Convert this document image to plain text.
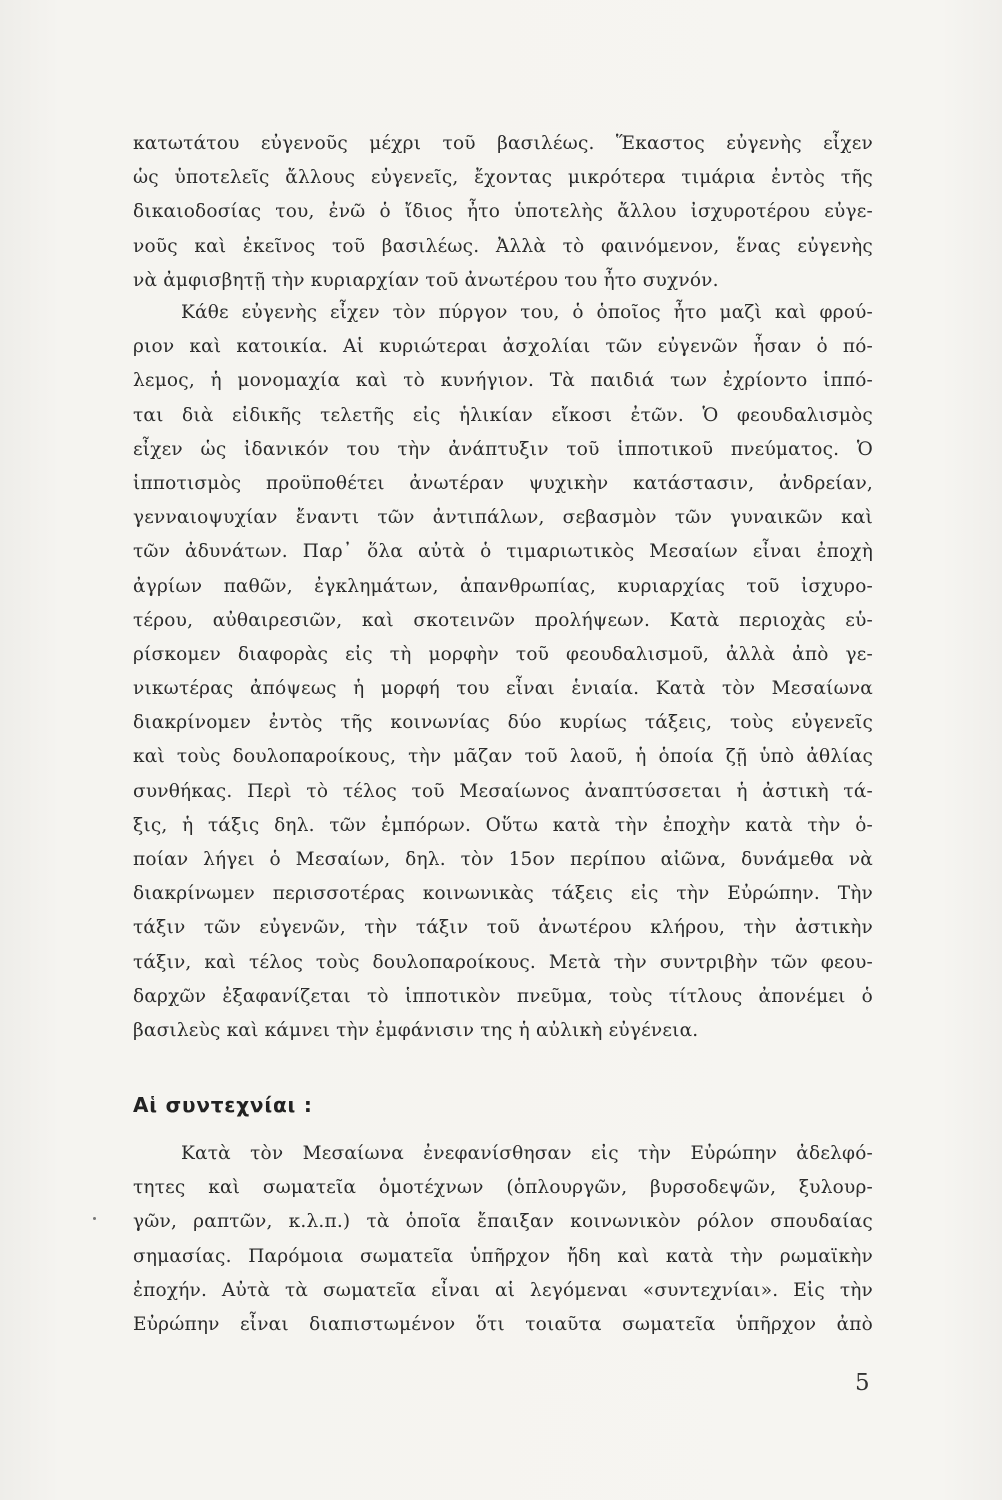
κατωτάτου εὐγενοῦς μέχρι τοῦ βασιλέως. Ἕκαστος εὐγενὴς εἶχεν
ὡς ὑποτελεῖς ἄλλους εὐγενεῖς, ἔχοντας μικρότερα τιμάρια ἐντὸς τῆς
δικαιοδοσίας του, ἐνῶ ὁ ἴδιος ἦτο ὑποτελὴς ἄλλου ἰσχυροτέρου εὐγε-
νοῦς καὶ ἐκεῖνος τοῦ βασιλέως. Ἀλλὰ τὸ φαινόμενον, ἕνας εὐγενὴς
νὰ ἀμφισβητῇ τὴν κυριαρχίαν τοῦ ἀνωτέρου του ἦτο συχνόν.
Κάθε εὐγενὴς εἶχεν τὸν πύργον του, ὁ ὁποῖος ἦτο μαζὶ καὶ φρού-
ριον καὶ κατοικία. Αἱ κυριώτεραι ἀσχολίαι τῶν εὐγενῶν ἦσαν ὁ πό-
λεμος, ἡ μονομαχία καὶ τὸ κυνήγιον. Τὰ παιδιά των ἐχρίοντο ἱππό-
ται διὰ εἰδικῆς τελετῆς εἰς ἡλικίαν εἴκοσι ἐτῶν. Ὁ φεουδαλισμὸς
εἶχεν ὡς ἰδανικόν του τὴν ἀνάπτυξιν τοῦ ἱπποτικοῦ πνεύματος. Ὁ
ἱπποτισμὸς προϋποθέτει ἀνωτέραν ψυχικὴν κατάστασιν, ἀνδρείαν,
γενναιοψυχίαν ἔναντι τῶν ἀντιπάλων, σεβασμὸν τῶν γυναικῶν καὶ
τῶν ἀδυνάτων. Παρ᾽ ὅλα αὐτὰ ὁ τιμαριωτικὸς Μεσαίων εἶναι ἐποχὴ
ἀγρίων παθῶν, ἐγκλημάτων, ἀπανθρωπίας, κυριαρχίας τοῦ ἰσχυρο-
τέρου, αὐθαιρεσιῶν, καὶ σκοτεινῶν προλήψεων. Κατὰ περιοχὰς εὑ-
ρίσκομεν διαφορὰς εἰς τὴ μορφὴν τοῦ φεουδαλισμοῦ, ἀλλὰ ἀπὸ γε-
νικωτέρας ἀπόψεως ἡ μορφή του εἶναι ἑνιαία. Κατὰ τὸν Μεσαίωνα
διακρίνομεν ἐντὸς τῆς κοινωνίας δύο κυρίως τάξεις, τοὺς εὐγενεῖς
καὶ τοὺς δουλοπαροίκους, τὴν μᾶζαν τοῦ λαοῦ, ἡ ὁποία ζῇ ὑπὸ ἀθλίας
συνθήκας. Περὶ τὸ τέλος τοῦ Μεσαίωνος ἀναπτύσσεται ἡ ἀστικὴ τά-
ξις, ἡ τάξις δηλ. τῶν ἐμπόρων. Οὕτω κατὰ τὴν ἐποχὴν κατὰ τὴν ὁ-
ποίαν λήγει ὁ Μεσαίων, δηλ. τὸν 15ον περίπου αἰῶνα, δυνάμεθα νὰ
διακρίνωμεν περισσοτέρας κοινωνικὰς τάξεις εἰς τὴν Εὐρώπην. Τὴν
τάξιν τῶν εὐγενῶν, τὴν τάξιν τοῦ ἀνωτέρου κλήρου, τὴν ἀστικὴν
τάξιν, καὶ τέλος τοὺς δουλοπαροίκους. Μετὰ τὴν συντριβὴν τῶν φεου-
δαρχῶν ἐξαφανίζεται τὸ ἱπποτικὸν πνεῦμα, τοὺς τίτλους ἀπονέμει ὁ
βασιλεὺς καὶ κάμνει τὴν ἐμφάνισιν της ἡ αὐλικὴ εὐγένεια.
Αἱ συντεχνίαι :
Κατὰ τὸν Μεσαίωνα ἐνεφανίσθησαν εἰς τὴν Εὐρώπην ἀδελφό-
τητες καὶ σωματεῖα ὁμοτέχνων (ὁπλουργῶν, βυρσοδεψῶν, ξυλουρ-
γῶν, ραπτῶν, κ.λ.π.) τὰ ὁποῖα ἔπαιξαν κοινωνικὸν ρόλον σπουδαίας
σημασίας. Παρόμοια σωματεῖα ὑπῆρχον ἤδη καὶ κατὰ τὴν ρωμαϊκὴν
ἐποχήν. Αὐτὰ τὰ σωματεῖα εἶναι αἱ λεγόμεναι «συντεχνίαι». Εἰς τὴν
Εὐρώπην εἶναι διαπιστωμένον ὅτι τοιαῦτα σωματεῖα ὑπῆρχον ἀπὸ
5
